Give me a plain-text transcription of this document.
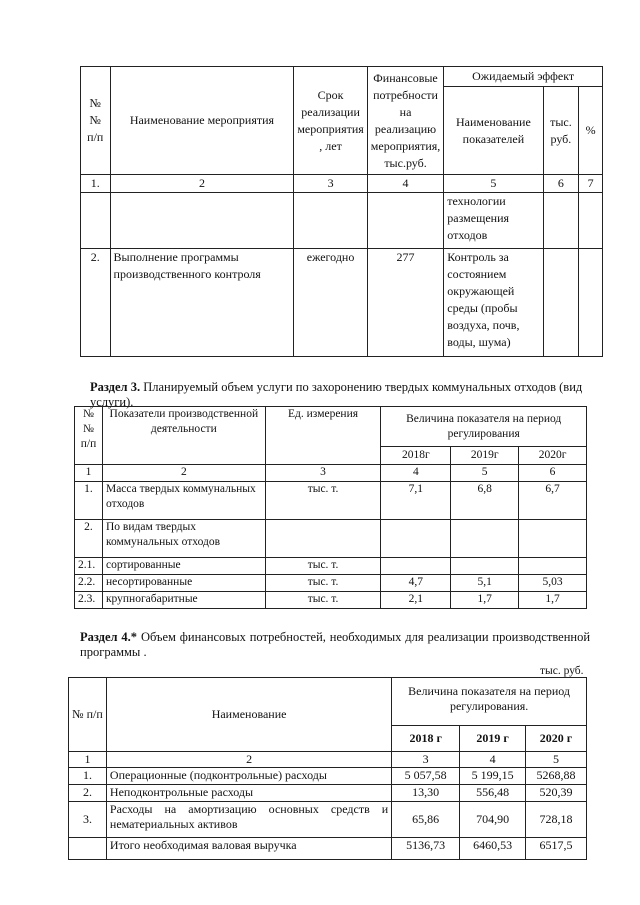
№№ п/п	Наименование мероприятия	Срок реализации мероприятия , лет	Финансовые потребности на реализацию мероприятия, тыс.руб.	Ожидаемый эффект		
				Наименование показателей	тыс. руб.	%
1.	2	3	4	5	6	7
				технологии размещения отходов		
2.	Выполнение программы производственного контроля	ежегодно	277	Контроль за состоянием окружающей среды (пробы воздуха, почв, воды, шума)		
Раздел 3. Планируемый объем услуги по захоронению твердых коммунальных отходов (вид услуги).
№№ п/п	Показатели производственной деятельности	Ед. измерения	Величина показателя на период регулирования		
			2018г	2019г	2020г
1	2	3	4	5	6
1.	Масса твердых коммунальных отходов	тыс. т.	7,1	6,8	6,7
2.	По видам твердых коммунальных отходов				
2.1.	сортированные	тыс. т.			
2.2.	несортированные	тыс. т.	4,7	5,1	5,03
2.3.	крупногабаритные	тыс. т.	2,1	1,7	1,7
Раздел 4.* Объем финансовых потребностей, необходимых для реализации производственной программы .
тыс. руб.
№ п/п	Наименование	Величина показателя на период регулирования.		
		2018 г	2019 г	2020 г
1	2	3	4	5
1.	Операционные (подконтрольные) расходы	5 057,58	5 199,15	5268,88
2.	Неподконтрольные расходы	13,30	556,48	520,39
3.	Расходы на амортизацию основных средств и нематериальных активов	65,86	704,90	728,18
	Итого необходимая валовая выручка	5136,73	6460,53	6517,5
